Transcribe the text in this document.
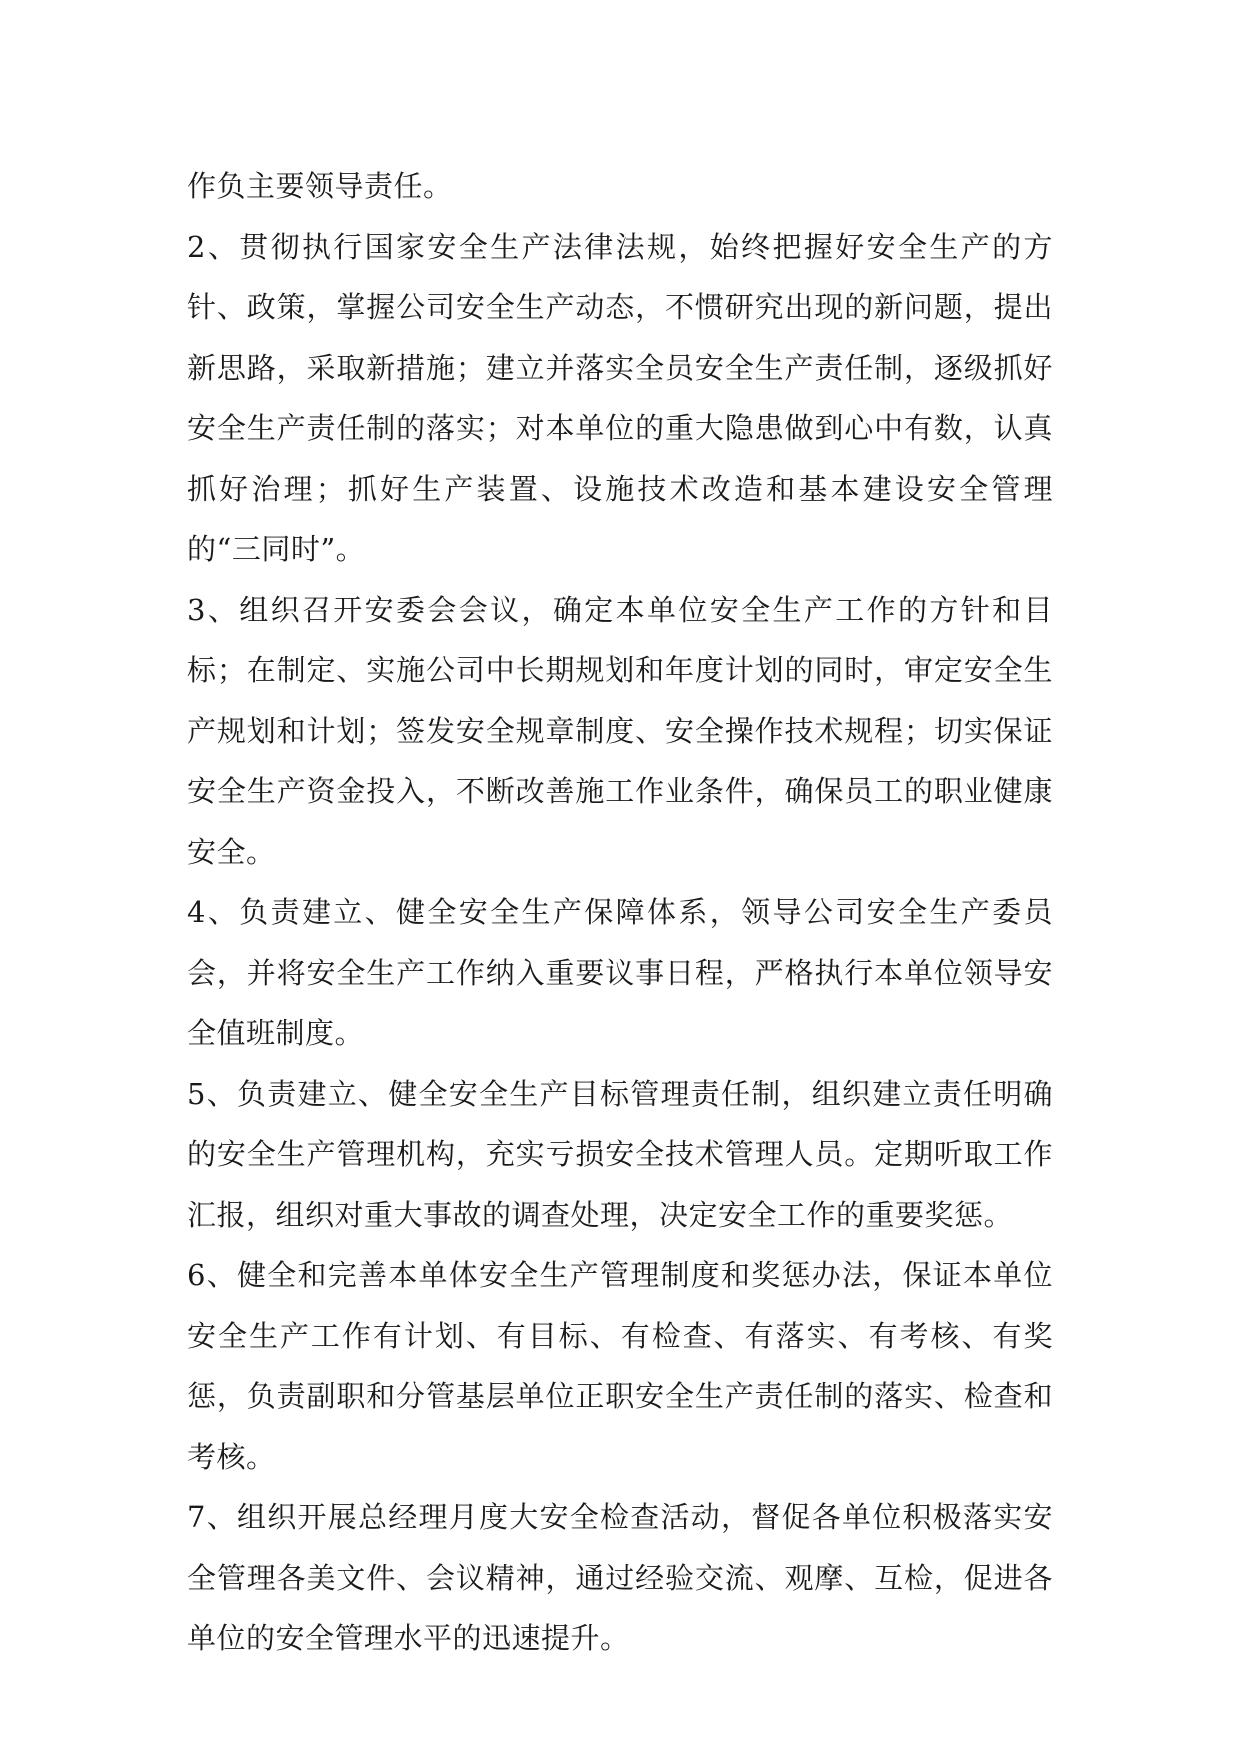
作负主要领导责任。

2、贯彻执行国家安全生产法律法规，始终把握好安全生产的方针、政策，掌握公司安全生产动态，不惯研究出现的新问题，提出新思路，采取新措施；建立并落实全员安全生产责任制，逐级抓好安全生产责任制的落实；对本单位的重大隐患做到心中有数，认真抓好治理；抓好生产装置、设施技术改造和基本建设安全管理的“三同时”。

3、组织召开安委会会议，确定本单位安全生产工作的方针和目标；在制定、实施公司中长期规划和年度计划的同时，审定安全生产规划和计划；签发安全规章制度、安全操作技术规程；切实保证安全生产资金投入，不断改善施工作业条件，确保员工的职业健康安全。

4、负责建立、健全安全生产保障体系，领导公司安全生产委员会，并将安全生产工作纳入重要议事日程，严格执行本单位领导安全值班制度。

5、负责建立、健全安全生产目标管理责任制，组织建立责任明确的安全生产管理机构，充实亏损安全技术管理人员。定期听取工作汇报，组织对重大事故的调查处理，决定安全工作的重要奖惩。

6、健全和完善本单体安全生产管理制度和奖惩办法，保证本单位安全生产工作有计划、有目标、有检查、有落实、有考核、有奖惩，负责副职和分管基层单位正职安全生产责任制的落实、检查和考核。

7、组织开展总经理月度大安全检查活动，督促各单位积极落实安全管理各美文件、会议精神，通过经验交流、观摩、互检，促进各单位的安全管理水平的迅速提升。
